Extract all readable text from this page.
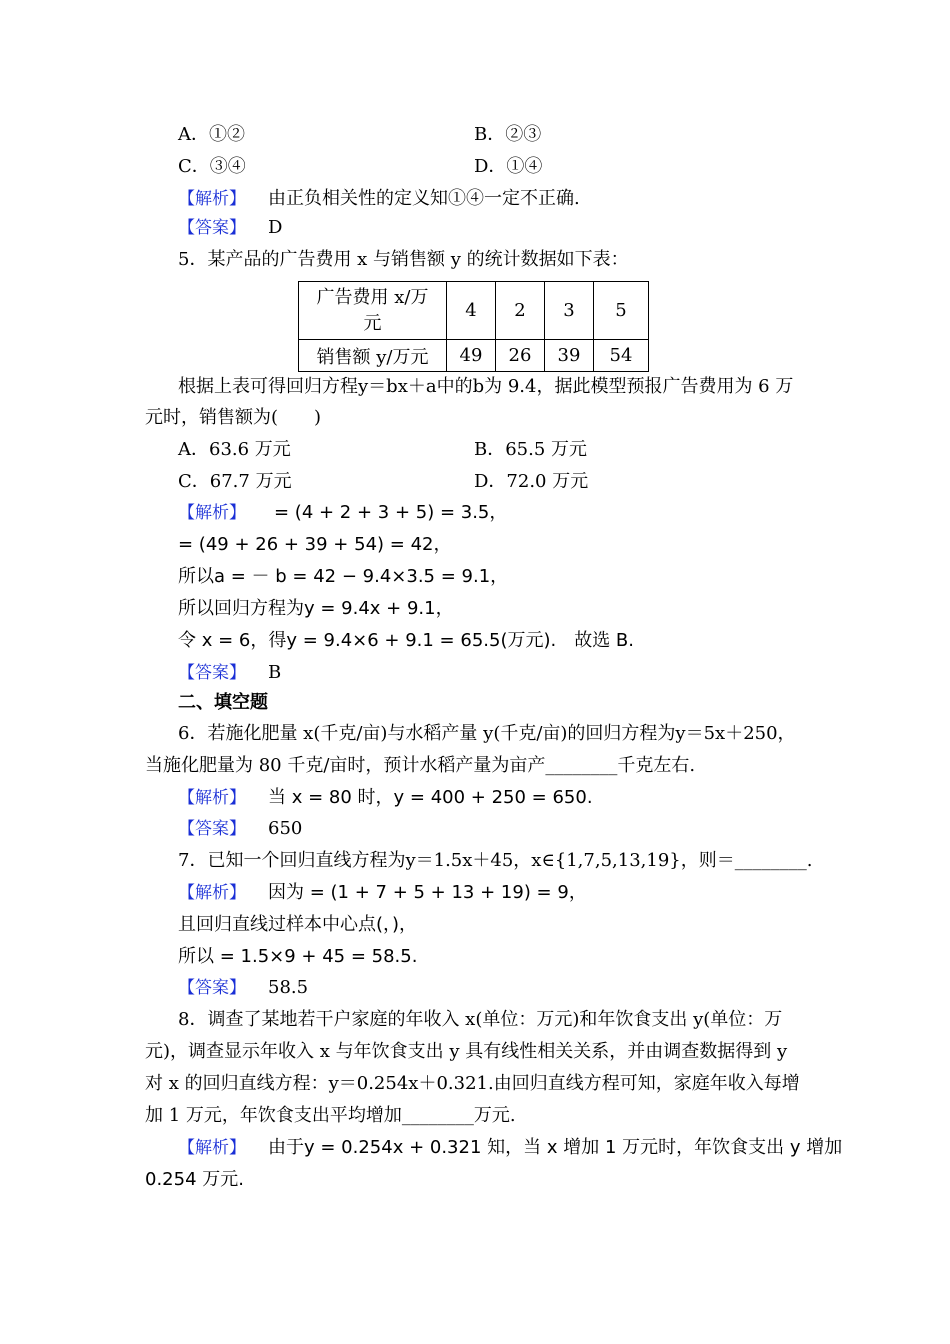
A．①②	B．②③
C．③④	D．①④
【解析】 由正负相关性的定义知①④一定不正确.
【答案】 D
5．某产品的广告费用 x 与销售额 y 的统计数据如下表：
广告费用 x/万
元	4	2	3	5
销售额 y/万元	49	26	39	54
根据上表可得回归方程y＝bx＋a中的b为 9.4，据此模型预报广告费用为 6 万
元时，销售额为(　　)
A．63.6 万元	B．65.5 万元
C．67.7 万元	D．72.0 万元
【解析】 = (4 + 2 + 3 + 5) = 3.5，
= (49 + 26 + 39 + 54) = 42，
所以a = － b = 42 − 9.4×3.5 = 9.1，
所以回归方程为y = 9.4x + 9.1，
令 x = 6，得y = 9.4×6 + 9.1 = 65.5(万元).　故选 B.
【答案】 B
二、填空题
6．若施化肥量 x(千克/亩)与水稻产量 y(千克/亩)的回归方程为y＝5x＋250，
当施化肥量为 80 千克/亩时，预计水稻产量为亩产________千克左右.
【解析】 当 x = 80 时，y = 400 + 250 = 650.
【答案】 650
7．已知一个回归直线方程为y＝1.5x＋45，x∈{1,7,5,13,19}，则＝________.
【解析】 因为 = (1 + 7 + 5 + 13 + 19) = 9，
且回归直线过样本中心点(，)，
所以 = 1.5×9 + 45 = 58.5.
【答案】 58.5
8．调查了某地若干户家庭的年收入 x(单位：万元)和年饮食支出 y(单位：万
元)，调查显示年收入 x 与年饮食支出 y 具有线性相关关系，并由调查数据得到 y
对 x 的回归直线方程：y＝0.254x＋0.321.由回归直线方程可知，家庭年收入每增
加 1 万元，年饮食支出平均增加________万元.
【解析】 由于y = 0.254x + 0.321 知，当 x 增加 1 万元时，年饮食支出 y 增加
0.254 万元.
